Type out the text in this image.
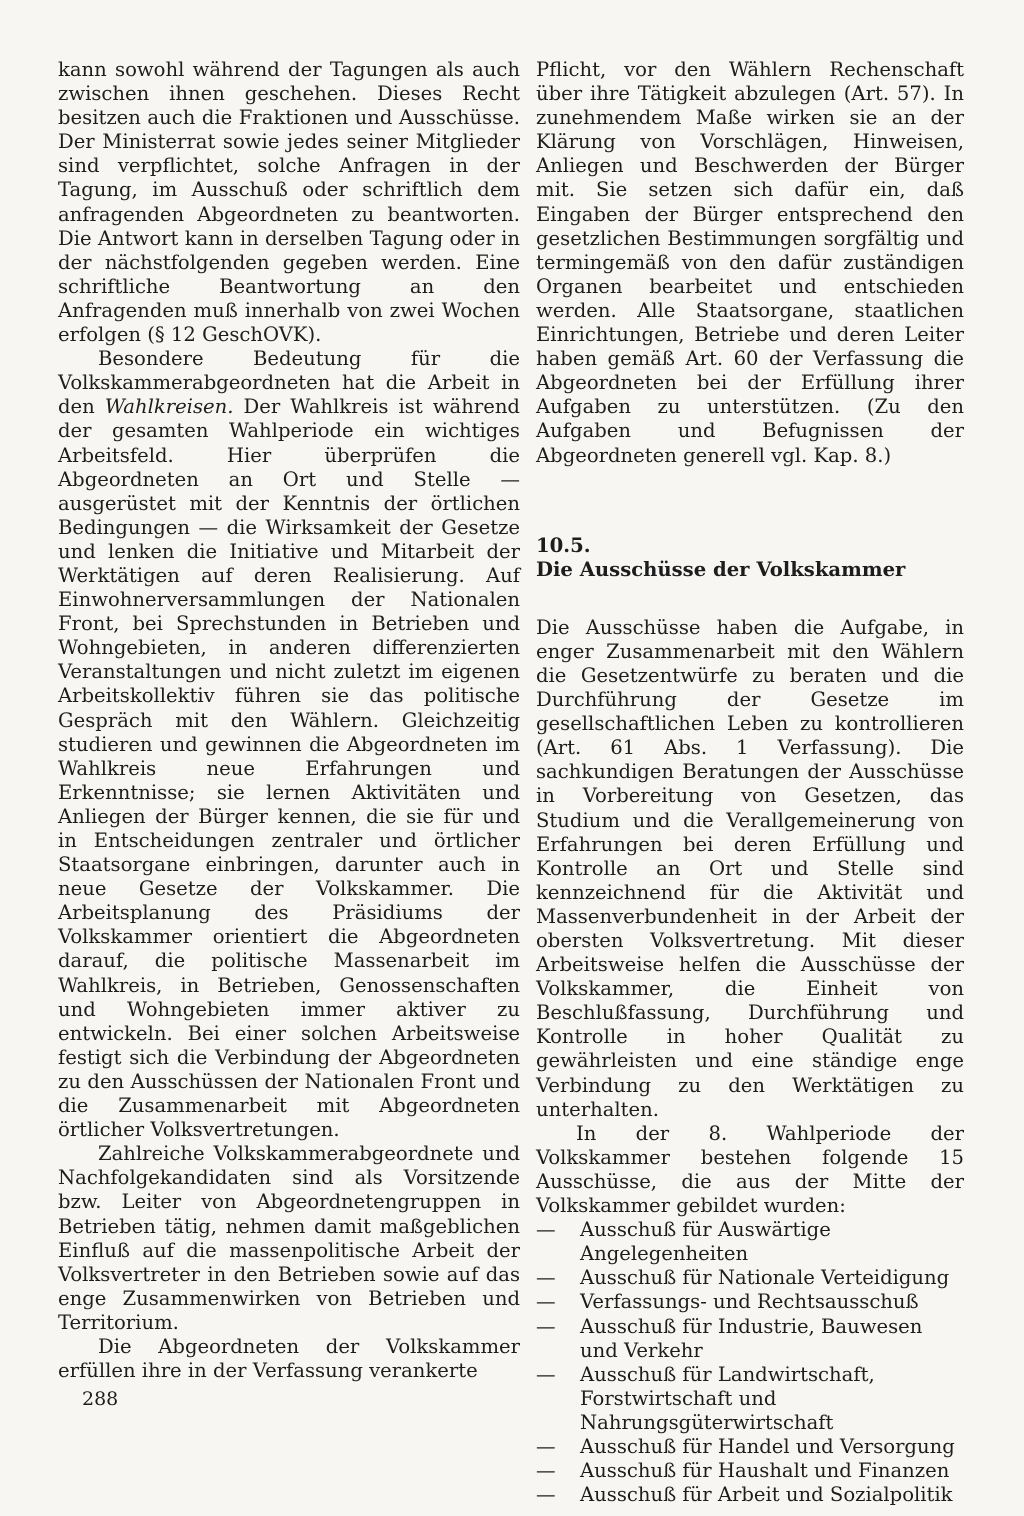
kann sowohl während der Tagungen als auch zwischen ihnen geschehen. Dieses Recht besitzen auch die Fraktionen und Ausschüsse. Der Ministerrat sowie jedes seiner Mitglieder sind verpflichtet, solche Anfragen in der Tagung, im Ausschuß oder schriftlich dem anfragenden Abgeordneten zu beantworten. Die Antwort kann in derselben Tagung oder in der nächstfolgenden gegeben werden. Eine schriftliche Beantwortung an den Anfragenden muß innerhalb von zwei Wochen erfolgen (§ 12 GeschOVK).

Besondere Bedeutung für die Volkskammerabgeordneten hat die Arbeit in den Wahlkreisen. Der Wahlkreis ist während der gesamten Wahlperiode ein wichtiges Arbeitsfeld. Hier überprüfen die Abgeordneten an Ort und Stelle — ausgerüstet mit der Kenntnis der örtlichen Bedingungen — die Wirksamkeit der Gesetze und lenken die Initiative und Mitarbeit der Werktätigen auf deren Realisierung. Auf Einwohnerversammlungen der Nationalen Front, bei Sprechstunden in Betrieben und Wohngebieten, in anderen differenzierten Veranstaltungen und nicht zuletzt im eigenen Arbeitskollektiv führen sie das politische Gespräch mit den Wählern. Gleichzeitig studieren und gewinnen die Abgeordneten im Wahlkreis neue Erfahrungen und Erkenntnisse; sie lernen Aktivitäten und Anliegen der Bürger kennen, die sie für und in Entscheidungen zentraler und örtlicher Staatsorgane einbringen, darunter auch in neue Gesetze der Volkskammer. Die Arbeitsplanung des Präsidiums der Volkskammer orientiert die Abgeordneten darauf, die politische Massenarbeit im Wahlkreis, in Betrieben, Genossenschaften und Wohngebieten immer aktiver zu entwickeln. Bei einer solchen Arbeitsweise festigt sich die Verbindung der Abgeordneten zu den Ausschüssen der Nationalen Front und die Zusammenarbeit mit Abgeordneten örtlicher Volksvertretungen.

Zahlreiche Volkskammerabgeordnete und Nachfolgekandidaten sind als Vorsitzende bzw. Leiter von Abgeordnetengruppen in Betrieben tätig, nehmen damit maßgeblichen Einfluß auf die massenpolitische Arbeit der Volksvertreter in den Betrieben sowie auf das enge Zusammenwirken von Betrieben und Territorium.

Die Abgeordneten der Volkskammer erfüllen ihre in der Verfassung verankerte

Pflicht, vor den Wählern Rechenschaft über ihre Tätigkeit abzulegen (Art. 57). In zunehmendem Maße wirken sie an der Klärung von Vorschlägen, Hinweisen, Anliegen und Beschwerden der Bürger mit. Sie setzen sich dafür ein, daß Eingaben der Bürger entsprechend den gesetzlichen Bestimmungen sorgfältig und termingemäß von den dafür zuständigen Organen bearbeitet und entschieden werden. Alle Staatsorgane, staatlichen Einrichtungen, Betriebe und deren Leiter haben gemäß Art. 60 der Verfassung die Abgeordneten bei der Erfüllung ihrer Aufgaben zu unterstützen. (Zu den Aufgaben und Befugnissen der Abgeordneten generell vgl. Kap. 8.)

10.5.
Die Ausschüsse der Volkskammer

Die Ausschüsse haben die Aufgabe, in enger Zusammenarbeit mit den Wählern die Gesetzentwürfe zu beraten und die Durchführung der Gesetze im gesellschaftlichen Leben zu kontrollieren (Art. 61 Abs. 1 Verfassung). Die sachkundigen Beratungen der Ausschüsse in Vorbereitung von Gesetzen, das Studium und die Verallgemeinerung von Erfahrungen bei deren Erfüllung und Kontrolle an Ort und Stelle sind kennzeichnend für die Aktivität und Massenverbundenheit in der Arbeit der obersten Volksvertretung. Mit dieser Arbeitsweise helfen die Ausschüsse der Volkskammer, die Einheit von Beschlußfassung, Durchführung und Kontrolle in hoher Qualität zu gewährleisten und eine ständige enge Verbindung zu den Werktätigen zu unterhalten.

In der 8. Wahlperiode der Volkskammer bestehen folgende 15 Ausschüsse, die aus der Mitte der Volkskammer gebildet wurden:

— Ausschuß für Auswärtige Angelegenheiten
— Ausschuß für Nationale Verteidigung
— Verfassungs- und Rechtsausschuß
— Ausschuß für Industrie, Bauwesen und Verkehr
— Ausschuß für Landwirtschaft, Forstwirtschaft und Nahrungsgüterwirtschaft
— Ausschuß für Handel und Versorgung
— Ausschuß für Haushalt und Finanzen
— Ausschuß für Arbeit und Sozialpolitik
288
